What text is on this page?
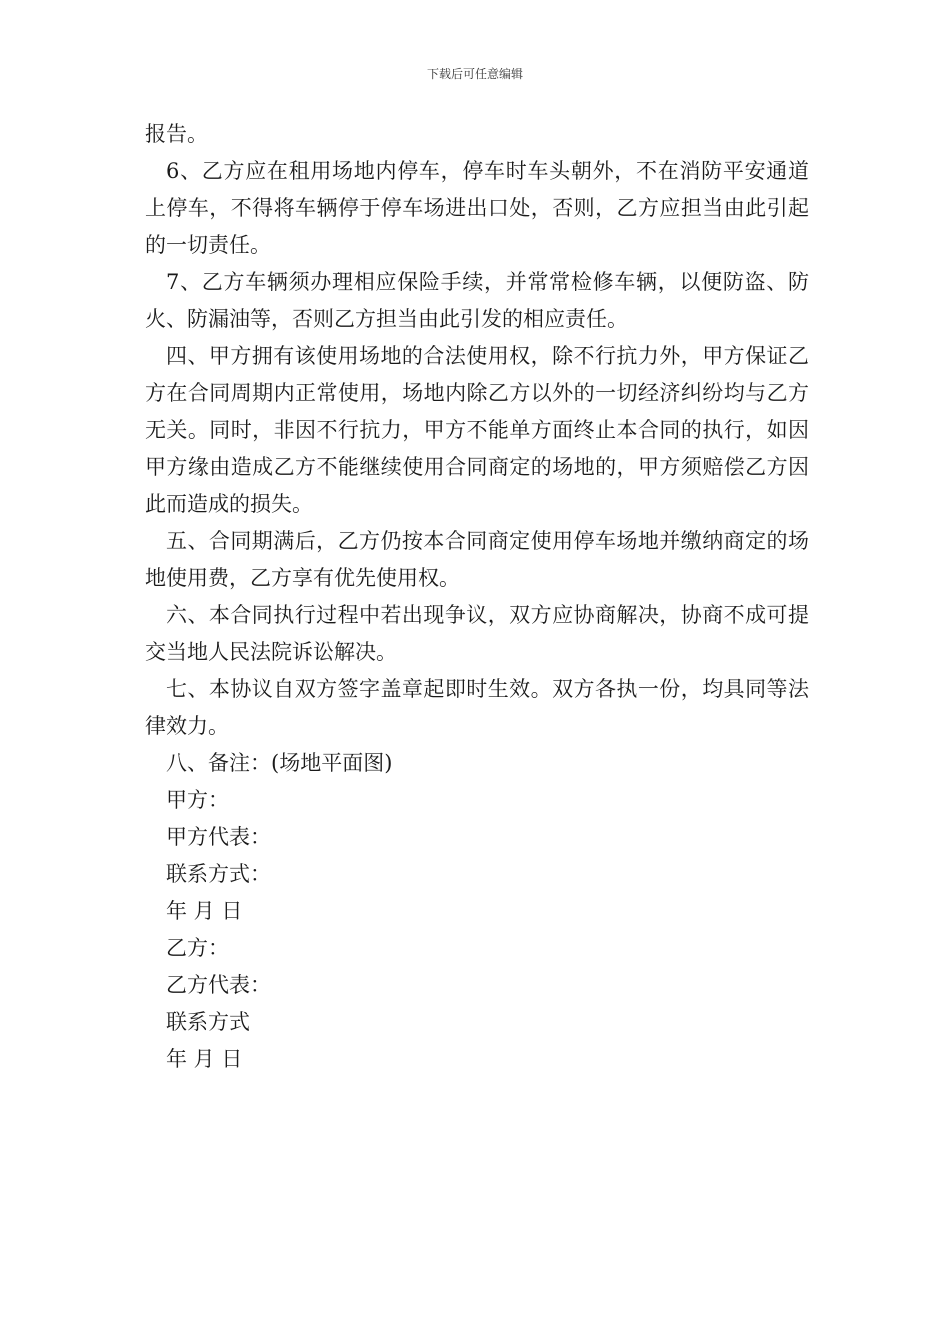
下载后可任意编辑

报告。

6、乙方应在租用场地内停车，停车时车头朝外，不在消防平安通道上停车，不得将车辆停于停车场进出口处，否则，乙方应担当由此引起的一切责任。

7、乙方车辆须办理相应保险手续，并常常检修车辆，以便防盗、防火、防漏油等，否则乙方担当由此引发的相应责任。

四、甲方拥有该使用场地的合法使用权，除不行抗力外，甲方保证乙方在合同周期内正常使用，场地内除乙方以外的一切经济纠纷均与乙方无关。同时，非因不行抗力，甲方不能单方面终止本合同的执行，如因甲方缘由造成乙方不能继续使用合同商定的场地的，甲方须赔偿乙方因此而造成的损失。

五、合同期满后，乙方仍按本合同商定使用停车场地并缴纳商定的场地使用费，乙方享有优先使用权。

六、本合同执行过程中若出现争议，双方应协商解决，协商不成可提交当地人民法院诉讼解决。

七、本协议自双方签字盖章起即时生效。双方各执一份，均具同等法律效力。

八、备注：(场地平面图)

甲方：

甲方代表：

联系方式：

年 月 日

乙方：

乙方代表：

联系方式

年 月 日
